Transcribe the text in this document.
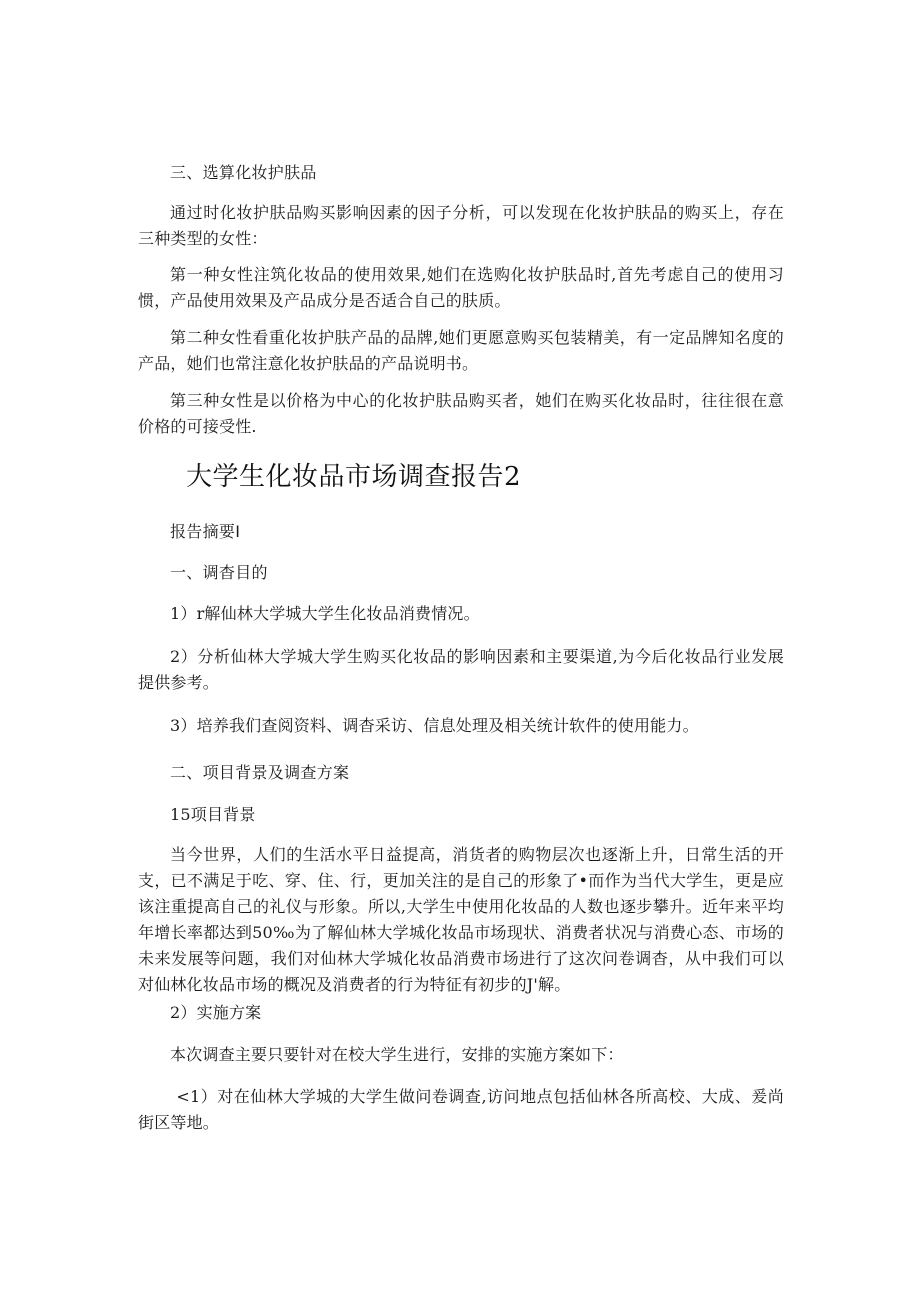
三、选算化妆护肤品

通过时化妆护肤品购买影响因素的因子分析，可以发现在化妆护肤品的购买上，存在三种类型的女性：

第一种女性注筑化妆品的使用效果,她们在选购化妆护肤品时,首先考虑自己的使用习惯，产品使用效果及产品成分是否适合自己的肤质。

第二种女性看重化妆护肤产品的品牌,她们更愿意购买包装精美，有一定品牌知名度的产品，她们也常注意化妆护肤品的产品说明书。

第三种女性是以价格为中心的化妆护肤品购买者，她们在购买化妆品时，往往很在意价格的可接受性.

大学生化妆品市场调查报告2

报告摘要I

一、调杳目的

1）r解仙林大学城大学生化妆品消费情况。

2）分析仙林大学城大学生购买化妆品的影响因素和主要渠道,为今后化妆品行业发展提供参考。

3）培养我们查阅资料、调杳采访、信息处理及相关统计软件的使用能力。

二、项目背景及调查方案

15项目背景

当今世界，人们的生活水平日益提高，消货者的购物层次也逐渐上升，日常生活的开支，已不满足于吃、穿、住、行，更加关注的是自己的形象了•而作为当代大学生，更是应该注重提高自己的礼仪与形象。所以,大学生中使用化妆品的人数也逐步攀升。近年来平均年增长率都达到50‰为了解仙林大学城化妆品市场现状、消费者状况与消费心态、市场的未来发展等问题，我们对仙林大学城化妆品消费市场进行了这次问卷调杳，从中我们可以对仙林化妆品市场的概况及消费者的行为特征有初步的J'解。

2）实施方案

本次调查主要只要针对在校大学生进行，安排的实施方案如下：

<1）对在仙林大学城的大学生做问卷调查,访问地点包括仙林各所高校、大成、爰尚街区等地。
